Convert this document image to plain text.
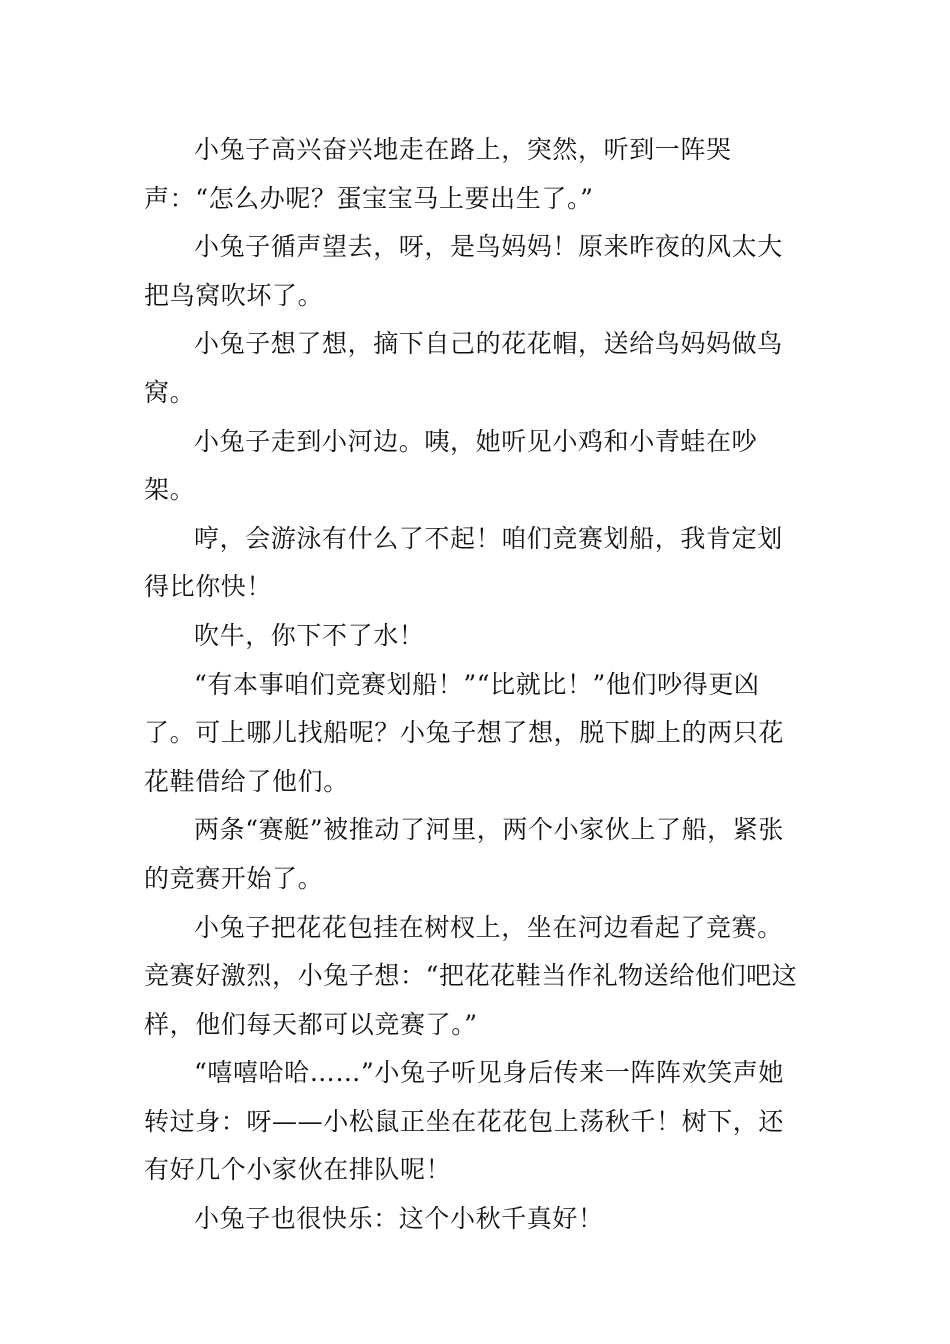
小兔子高兴奋兴地走在路上，突然，听到一阵哭声：“怎么办呢？蛋宝宝马上要出生了。”

小兔子循声望去，呀，是鸟妈妈！原来昨夜的风太大把鸟窝吹坏了。

小兔子想了想，摘下自己的花花帽，送给鸟妈妈做鸟窝。

小兔子走到小河边。咦，她听见小鸡和小青蛙在吵架。

哼，会游泳有什么了不起！咱们竞赛划船，我肯定划得比你快！

吹牛，你下不了水！

“有本事咱们竞赛划船！”“比就比！”他们吵得更凶了。可上哪儿找船呢？小兔子想了想，脱下脚上的两只花花鞋借给了他们。

两条“赛艇”被推动了河里，两个小家伙上了船，紧张的竞赛开始了。

小兔子把花花包挂在树杈上，坐在河边看起了竞赛。竞赛好激烈，小兔子想：“把花花鞋当作礼物送给他们吧这样，他们每天都可以竞赛了。”

“嘻嘻哈哈……”小兔子听见身后传来一阵阵欢笑声她转过身：呀——小松鼠正坐在花花包上荡秋千！树下，还有好几个小家伙在排队呢！

小兔子也很快乐：这个小秋千真好！
